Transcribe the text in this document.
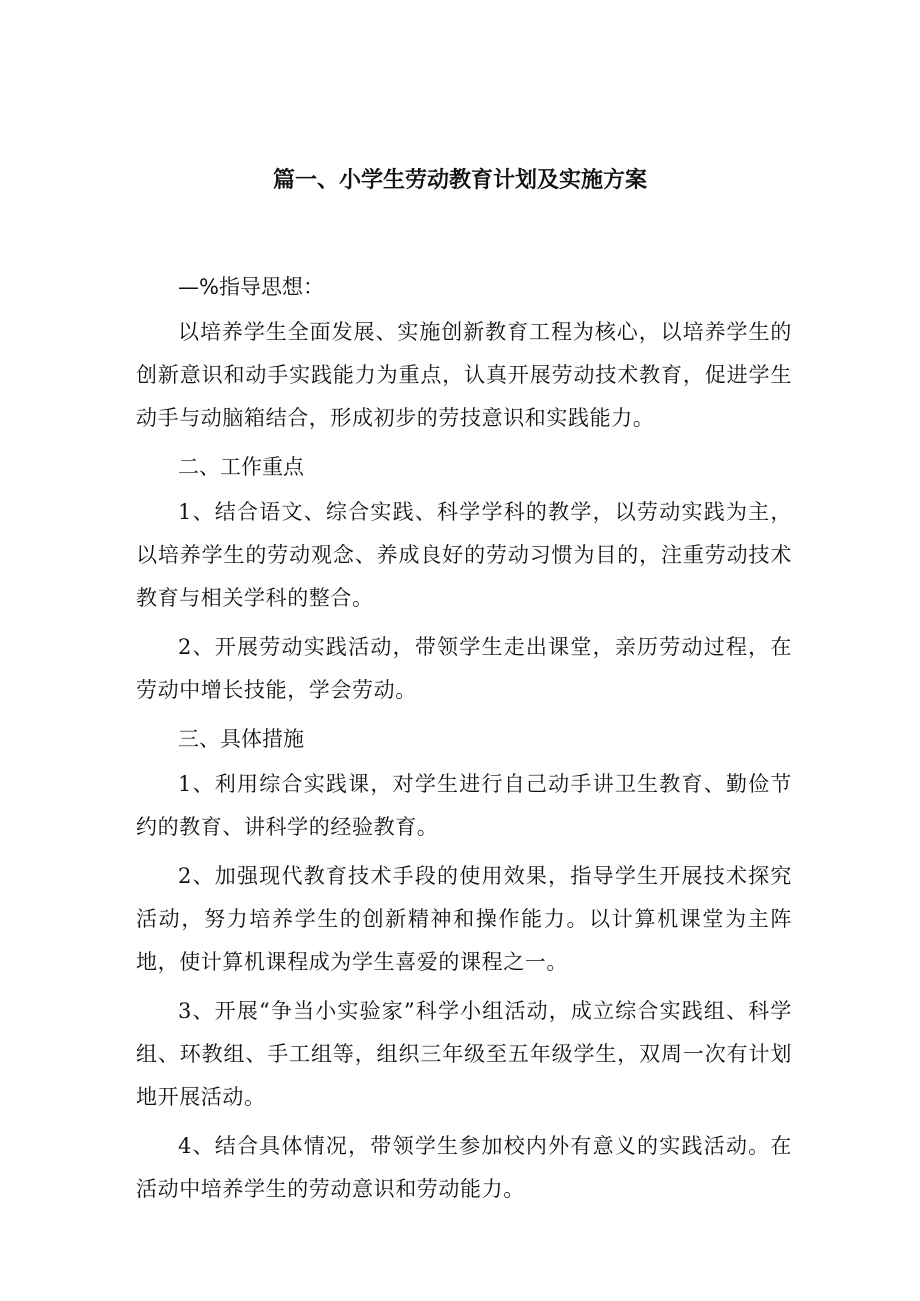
篇一、小学生劳动教育计划及实施方案
—%指导思想：

以培养学生全面发展、实施创新教育工程为核心，以培养学生的创新意识和动手实践能力为重点，认真开展劳动技术教育，促进学生动手与动脑箱结合，形成初步的劳技意识和实践能力。

二、工作重点

1、结合语文、综合实践、科学学科的教学，以劳动实践为主，以培养学生的劳动观念、养成良好的劳动习惯为目的，注重劳动技术教育与相关学科的整合。

2、开展劳动实践活动，带领学生走出课堂，亲历劳动过程，在劳动中增长技能，学会劳动。

三、具体措施

1、利用综合实践课，对学生进行自己动手讲卫生教育、勤俭节约的教育、讲科学的经验教育。

2、加强现代教育技术手段的使用效果，指导学生开展技术探究活动，努力培养学生的创新精神和操作能力。以计算机课堂为主阵地，使计算机课程成为学生喜爱的课程之一。

3、开展“争当小实验家”科学小组活动，成立综合实践组、科学组、环教组、手工组等，组织三年级至五年级学生，双周一次有计划地开展活动。

4、结合具体情况，带领学生参加校内外有意义的实践活动。在活动中培养学生的劳动意识和劳动能力。
